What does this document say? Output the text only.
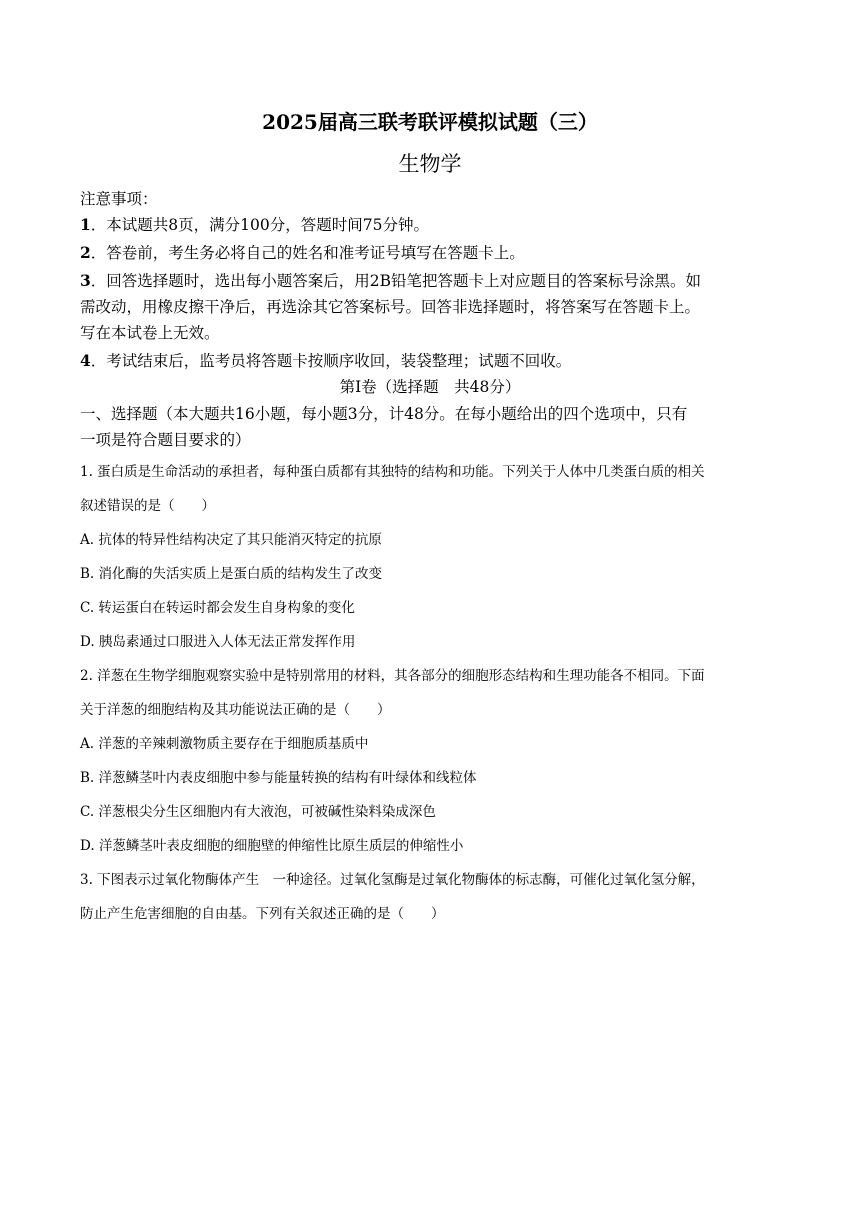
2025届高三联考联评模拟试题（三）
生物学
注意事项：
1．本试题共8页，满分100分，答题时间75分钟。
2．答卷前，考生务必将自己的姓名和准考证号填写在答题卡上。
3．回答选择题时，选出每小题答案后，用2B铅笔把答题卡上对应题目的答案标号涂黑。如
需改动，用橡皮擦干净后，再选涂其它答案标号。回答非选择题时，将答案写在答题卡上。
写在本试卷上无效。
4．考试结束后，监考员将答题卡按顺序收回，装袋整理；试题不回收。
第Ⅰ卷（选择题　共48分）
一、选择题（本大题共16小题，每小题3分，计48分。在每小题给出的四个选项中，只有
一项是符合题目要求的）
1. 蛋白质是生命活动的承担者，每种蛋白质都有其独特的结构和功能。下列关于人体中几类蛋白质的相关
叙述错误的是（　　）
A. 抗体的特异性结构决定了其只能消灭特定的抗原
B. 消化酶的失活实质上是蛋白质的结构发生了改变
C. 转运蛋白在转运时都会发生自身构象的变化
D. 胰岛素通过口服进入人体无法正常发挥作用
2. 洋葱在生物学细胞观察实验中是特别常用的材料，其各部分的细胞形态结构和生理功能各不相同。下面
关于洋葱的细胞结构及其功能说法正确的是（　　）
A. 洋葱的辛辣刺激物质主要存在于细胞质基质中
B. 洋葱鳞茎叶内表皮细胞中参与能量转换的结构有叶绿体和线粒体
C. 洋葱根尖分生区细胞内有大液泡，可被碱性染料染成深色
D. 洋葱鳞茎叶表皮细胞的细胞壁的伸缩性比原生质层的伸缩性小
3. 下图表示过氧化物酶体产生　一种途径。过氧化氢酶是过氧化物酶体的标志酶，可催化过氧化氢分解，
防止产生危害细胞的自由基。下列有关叙述正确的是（　　）
